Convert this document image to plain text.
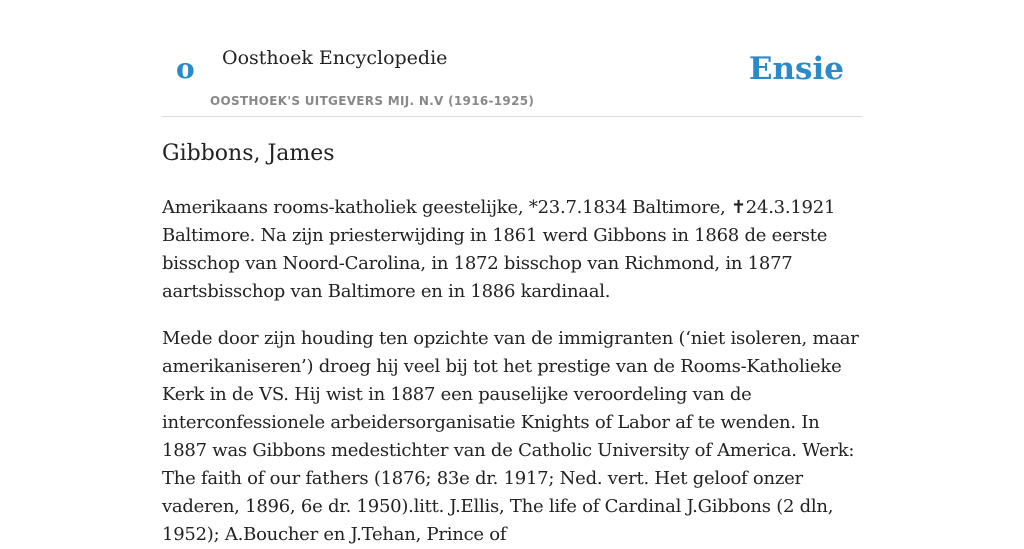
o Oosthoek Encyclopedie
OOSTHOEK'S UITGEVERS MIJ. N.V (1916-1925)
Ensie
Gibbons, James

Amerikaans rooms-katholiek geestelijke, *23.7.1834 Baltimore, ✝24.3.1921 Baltimore. Na zijn priesterwijding in 1861 werd Gibbons in 1868 de eerste bisschop van Noord-Carolina, in 1872 bisschop van Richmond, in 1877 aartsbisschop van Baltimore en in 1886 kardinaal.

Mede door zijn houding ten opzichte van de immigranten (‘niet isoleren, maar amerikaniseren’) droeg hij veel bij tot het prestige van de Rooms-Katholieke Kerk in de VS. Hij wist in 1887 een pauselijke veroordeling van de interconfessionele arbeidersorganisatie Knights of Labor af te wenden. In 1887 was Gibbons medestichter van de Catholic University of America. Werk: The faith of our fathers (1876; 83e dr. 1917; Ned. vert. Het geloof onzer vaderen, 1896, 6e dr. 1950).litt. J.Ellis, The life of Cardinal J.Gibbons (2 dln, 1952); A.Boucher en J.Tehan, Prince of
